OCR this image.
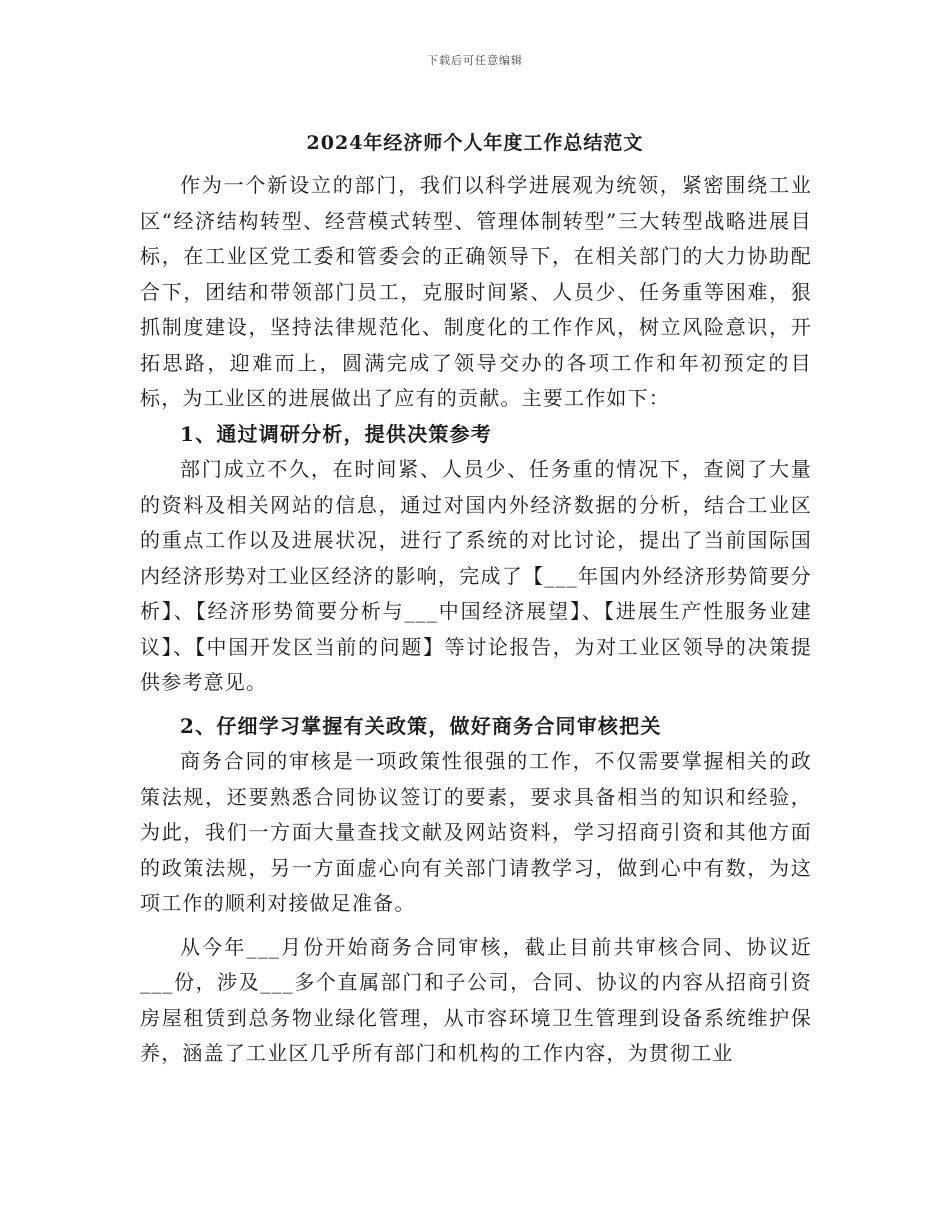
下载后可任意编辑
2024年经济师个人年度工作总结范文

作为一个新设立的部门，我们以科学进展观为统领，紧密围绕工业区“经济结构转型、经营模式转型、管理体制转型”三大转型战略进展目标，在工业区党工委和管委会的正确领导下，在相关部门的大力协助配合下，团结和带领部门员工，克服时间紧、人员少、任务重等困难，狠抓制度建设，坚持法律规范化、制度化的工作作风，树立风险意识，开拓思路，迎难而上，圆满完成了领导交办的各项工作和年初预定的目标，为工业区的进展做出了应有的贡献。主要工作如下：

1、通过调研分析，提供决策参考

部门成立不久，在时间紧、人员少、任务重的情况下，查阅了大量的资料及相关网站的信息，通过对国内外经济数据的分析，结合工业区的重点工作以及进展状况，进行了系统的对比讨论，提出了当前国际国内经济形势对工业区经济的影响，完成了【___年国内外经济形势简要分析】、【经济形势简要分析与___中国经济展望】、【进展生产性服务业建议】、【中国开发区当前的问题】等讨论报告，为对工业区领导的决策提供参考意见。

2、仔细学习掌握有关政策，做好商务合同审核把关

商务合同的审核是一项政策性很强的工作，不仅需要掌握相关的政策法规，还要熟悉合同协议签订的要素，要求具备相当的知识和经验，为此，我们一方面大量查找文献及网站资料，学习招商引资和其他方面的政策法规，另一方面虚心向有关部门请教学习，做到心中有数，为这项工作的顺利对接做足准备。

从今年___月份开始商务合同审核，截止目前共审核合同、协议近___份，涉及___多个直属部门和子公司，合同、协议的内容从招商引资房屋租赁到总务物业绿化管理，从市容环境卫生管理到设备系统维护保养，涵盖了工业区几乎所有部门和机构的工作内容，为贯彻工业
